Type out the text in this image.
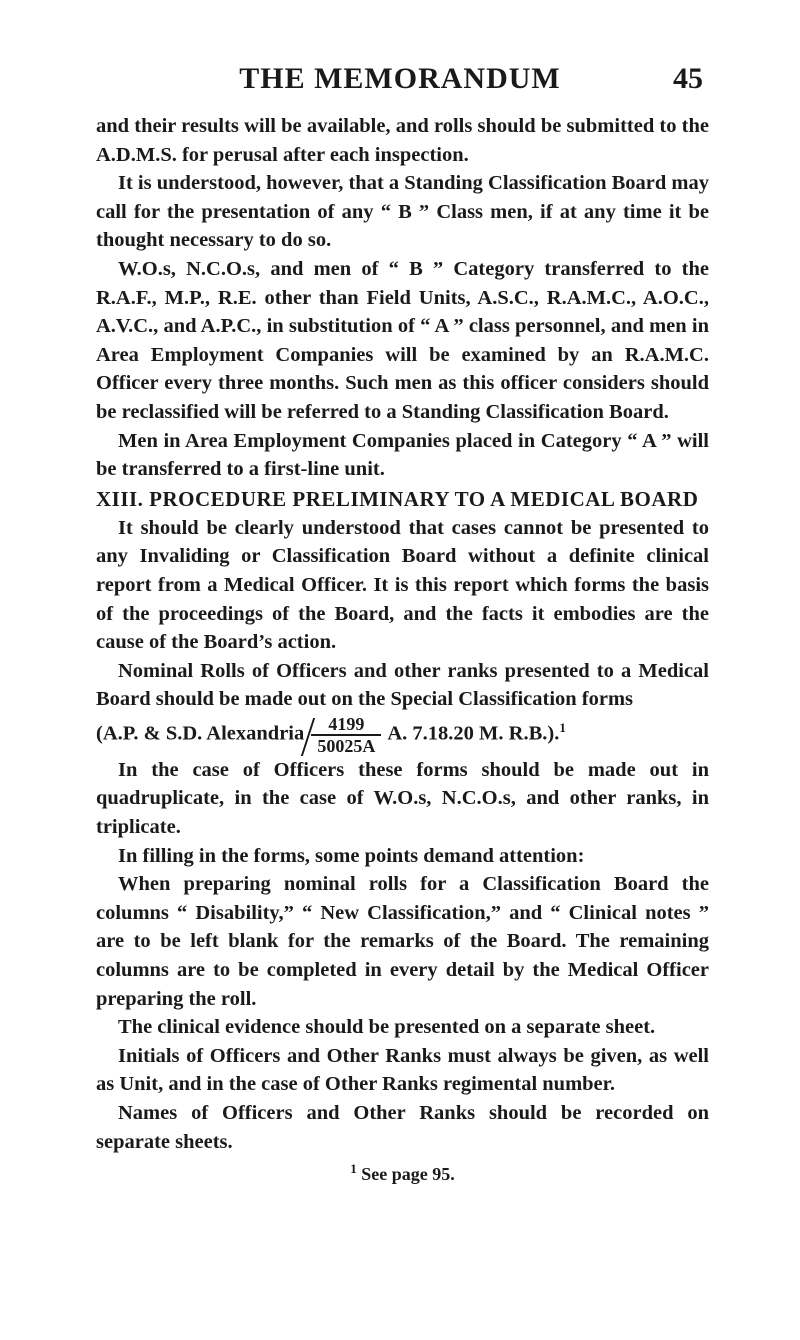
THE MEMORANDUM	45

and their results will be available, and rolls should be submitted to the A.D.M.S. for perusal after each inspection.

It is understood, however, that a Standing Classification Board may call for the presentation of any “ B ” Class men, if at any time it be thought necessary to do so.

W.O.s, N.C.O.s, and men of “ B ” Category transferred to the R.A.F., M.P., R.E. other than Field Units, A.S.C., R.A.M.C., A.O.C., A.V.C., and A.P.C., in substitution of “ A ” class personnel, and men in Area Employment Companies will be examined by an R.A.M.C. Officer every three months. Such men as this officer considers should be reclassified will be referred to a Standing Classification Board.

Men in Area Employment Companies placed in Category “ A ” will be transferred to a first-line unit.

XIII. PROCEDURE PRELIMINARY TO A MEDICAL BOARD

It should be clearly understood that cases cannot be presented to any Invaliding or Classification Board without a definite clinical report from a Medical Officer. It is this report which forms the basis of the proceedings of the Board, and the facts it embodies are the cause of the Board’s action.

Nominal Rolls of Officers and other ranks presented to a Medical Board should be made out on the Special Classification forms

(A.P. & S.D. Alexandria $\frac{4199}{50025A} A$. 7.18.20 M. R.B.).$^1$

In the case of Officers these forms should be made out in quadruplicate, in the case of W.O.s, N.C.O.s, and other ranks, in triplicate.

In filling in the forms, some points demand attention:

When preparing nominal rolls for a Classification Board the columns “ Disability,” “ New Classification,” and “ Clinical notes ” are to be left blank for the remarks of the Board. The remaining columns are to be completed in every detail by the Medical Officer preparing the roll.

The clinical evidence should be presented on a separate sheet.

Initials of Officers and Other Ranks must always be given, as well as Unit, and in the case of Other Ranks regimental number.

Names of Officers and Other Ranks should be recorded on separate sheets.

$^1$ See page 95.
